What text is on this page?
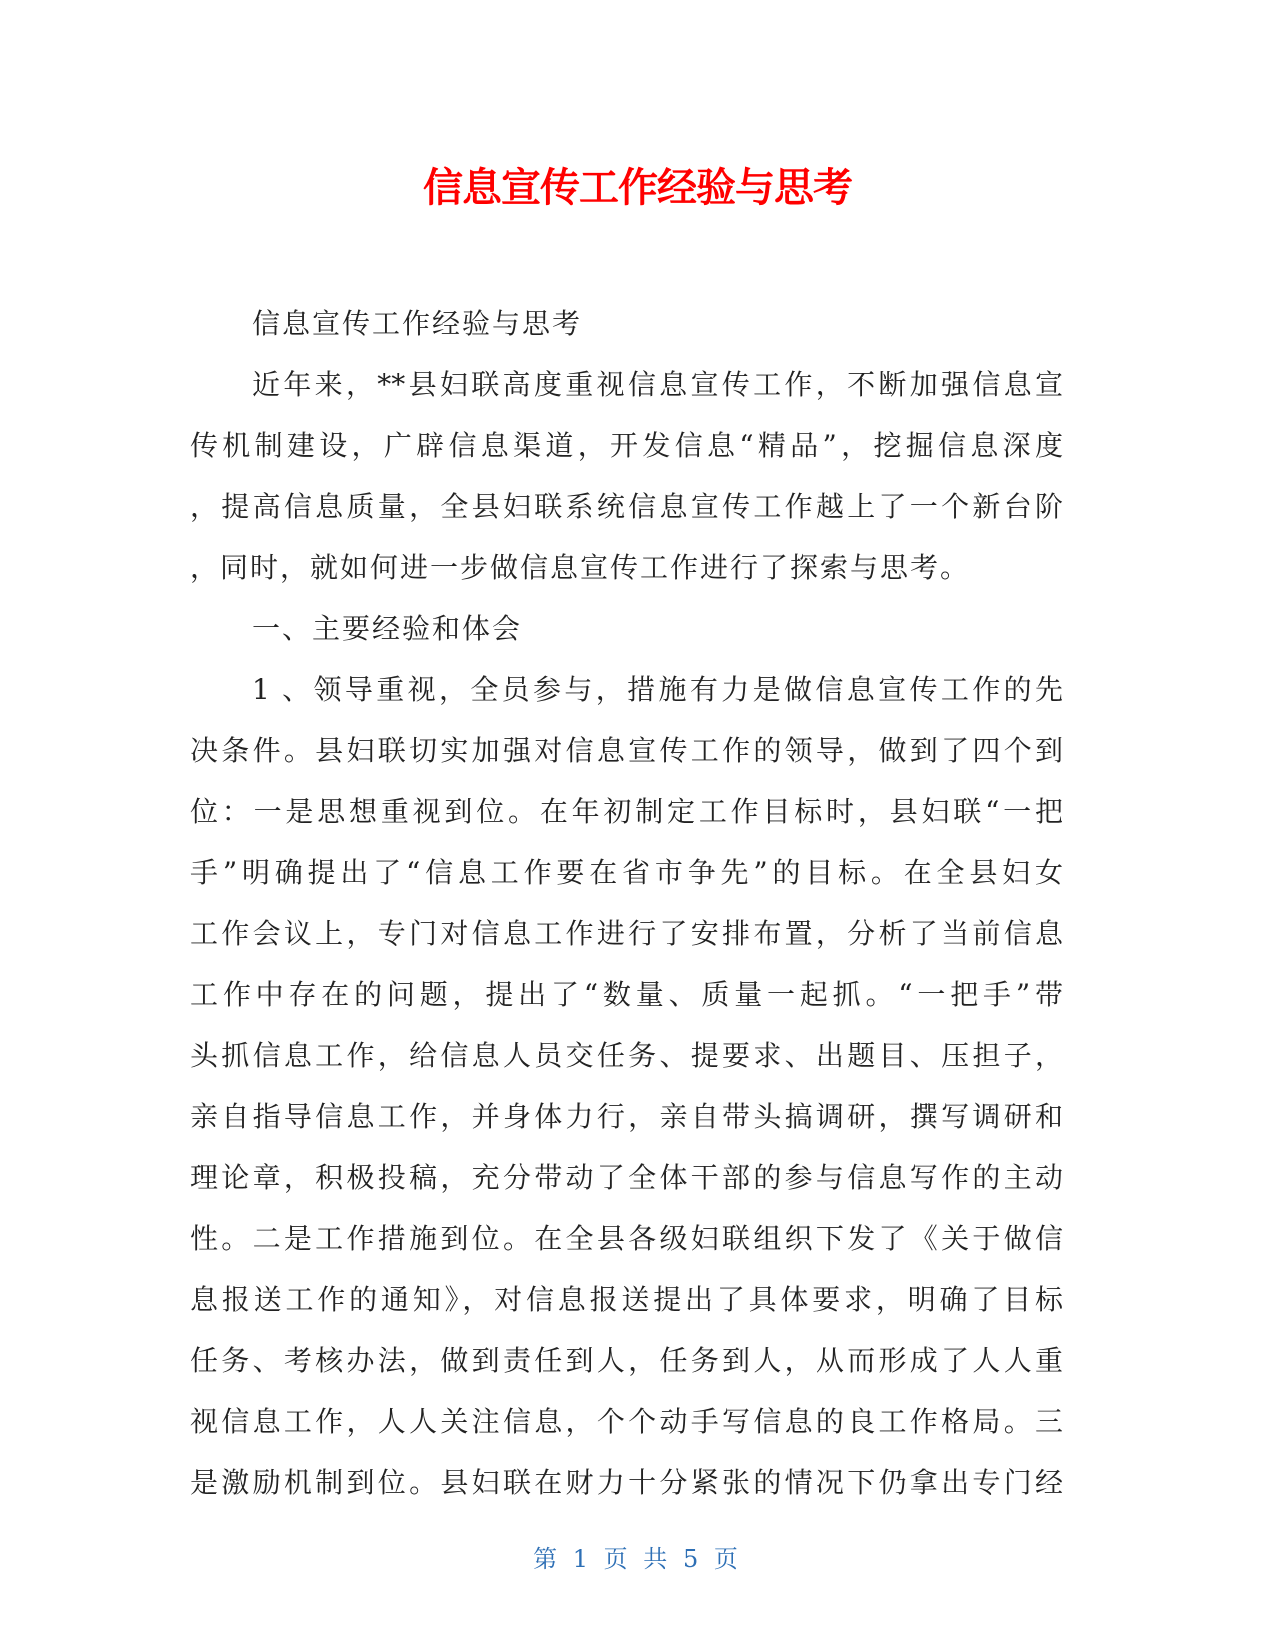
信息宣传工作经验与思考
信息宣传工作经验与思考
近年来，**县妇联高度重视信息宣传工作，不断加强信息宣
传机制建设，广辟信息渠道，开发信息“精品”，挖掘信息深度
，提高信息质量，全县妇联系统信息宣传工作越上了一个新台阶
，同时，就如何进一步做信息宣传工作进行了探索与思考。
一、主要经验和体会
1 、领导重视，全员参与，措施有力是做信息宣传工作的先
决条件。县妇联切实加强对信息宣传工作的领导，做到了四个到
位：一是思想重视到位。在年初制定工作目标时，县妇联“一把
手”明确提出了“信息工作要在省市争先”的目标。在全县妇女
工作会议上，专门对信息工作进行了安排布置，分析了当前信息
工作中存在的问题，提出了“数量、质量一起抓。“一把手”带
头抓信息工作，给信息人员交任务、提要求、出题目、压担子，
亲自指导信息工作，并身体力行，亲自带头搞调研，撰写调研和
理论章，积极投稿，充分带动了全体干部的参与信息写作的主动
性。二是工作措施到位。在全县各级妇联组织下发了《关于做信
息报送工作的通知》，对信息报送提出了具体要求，明确了目标
任务、考核办法，做到责任到人，任务到人，从而形成了人人重
视信息工作，人人关注信息，个个动手写信息的良工作格局。三
是激励机制到位。县妇联在财力十分紧张的情况下仍拿出专门经
第 1 页 共 5 页
